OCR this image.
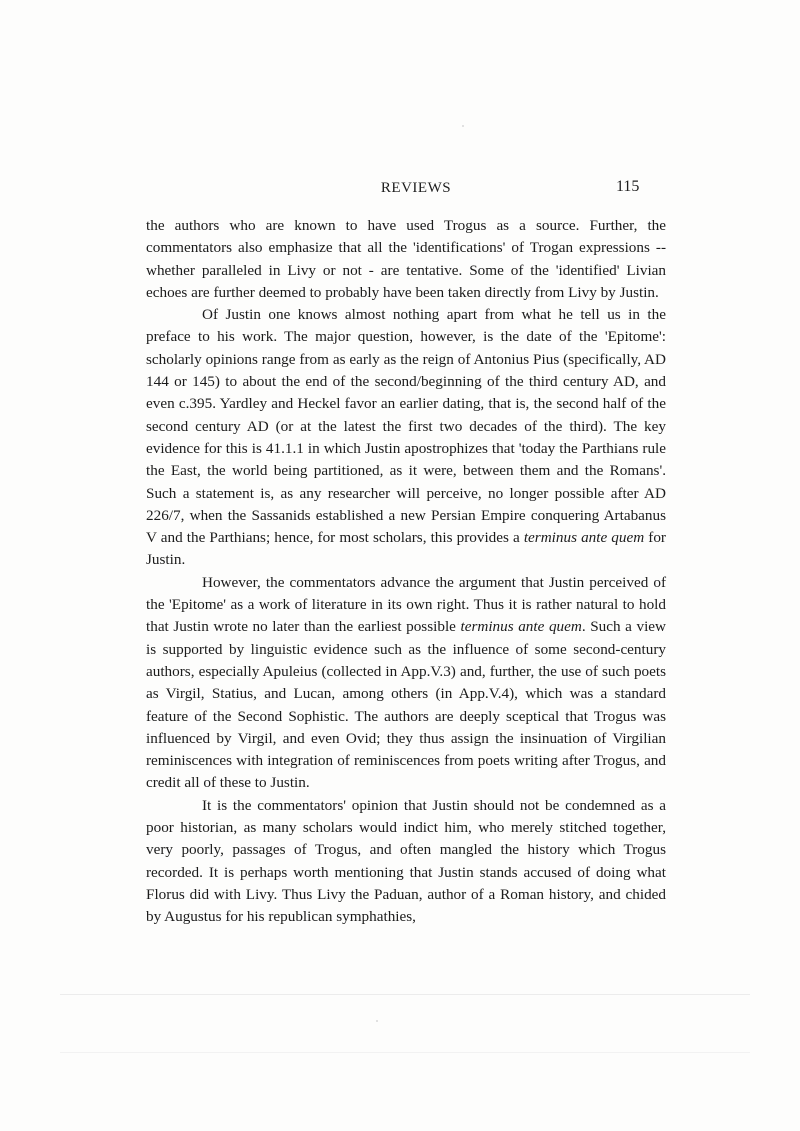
REVIEWS	115

the authors who are known to have used Trogus as a source. Further, the commentators also emphasize that all the 'identifications' of Trogan expressions -- whether paralleled in Livy or not - are tentative. Some of the 'identified' Livian echoes are further deemed to probably have been taken directly from Livy by Justin.

Of Justin one knows almost nothing apart from what he tell us in the preface to his work. The major question, however, is the date of the 'Epitome': scholarly opinions range from as early as the reign of Antonius Pius (specifically, AD 144 or 145) to about the end of the second/beginning of the third century AD, and even c.395. Yardley and Heckel favor an earlier dating, that is, the second half of the second century AD (or at the latest the first two decades of the third). The key evidence for this is 41.1.1 in which Justin apostrophizes that 'today the Parthians rule the East, the world being partitioned, as it were, between them and the Romans'. Such a statement is, as any researcher will perceive, no longer possible after AD 226/7, when the Sassanids established a new Persian Empire conquering Artabanus V and the Parthians; hence, for most scholars, this provides a terminus ante quem for Justin.

However, the commentators advance the argument that Justin perceived of the 'Epitome' as a work of literature in its own right. Thus it is rather natural to hold that Justin wrote no later than the earliest possible terminus ante quem. Such a view is supported by linguistic evidence such as the influence of some second-century authors, especially Apuleius (collected in App.V.3) and, further, the use of such poets as Virgil, Statius, and Lucan, among others (in App.V.4), which was a standard feature of the Second Sophistic. The authors are deeply sceptical that Trogus was influenced by Virgil, and even Ovid; they thus assign the insinuation of Virgilian reminiscences with integration of reminiscences from poets writing after Trogus, and credit all of these to Justin.

It is the commentators' opinion that Justin should not be condemned as a poor historian, as many scholars would indict him, who merely stitched together, very poorly, passages of Trogus, and often mangled the history which Trogus recorded. It is perhaps worth mentioning that Justin stands accused of doing what Florus did with Livy. Thus Livy the Paduan, author of a Roman history, and chided by Augustus for his republican symphathies,
